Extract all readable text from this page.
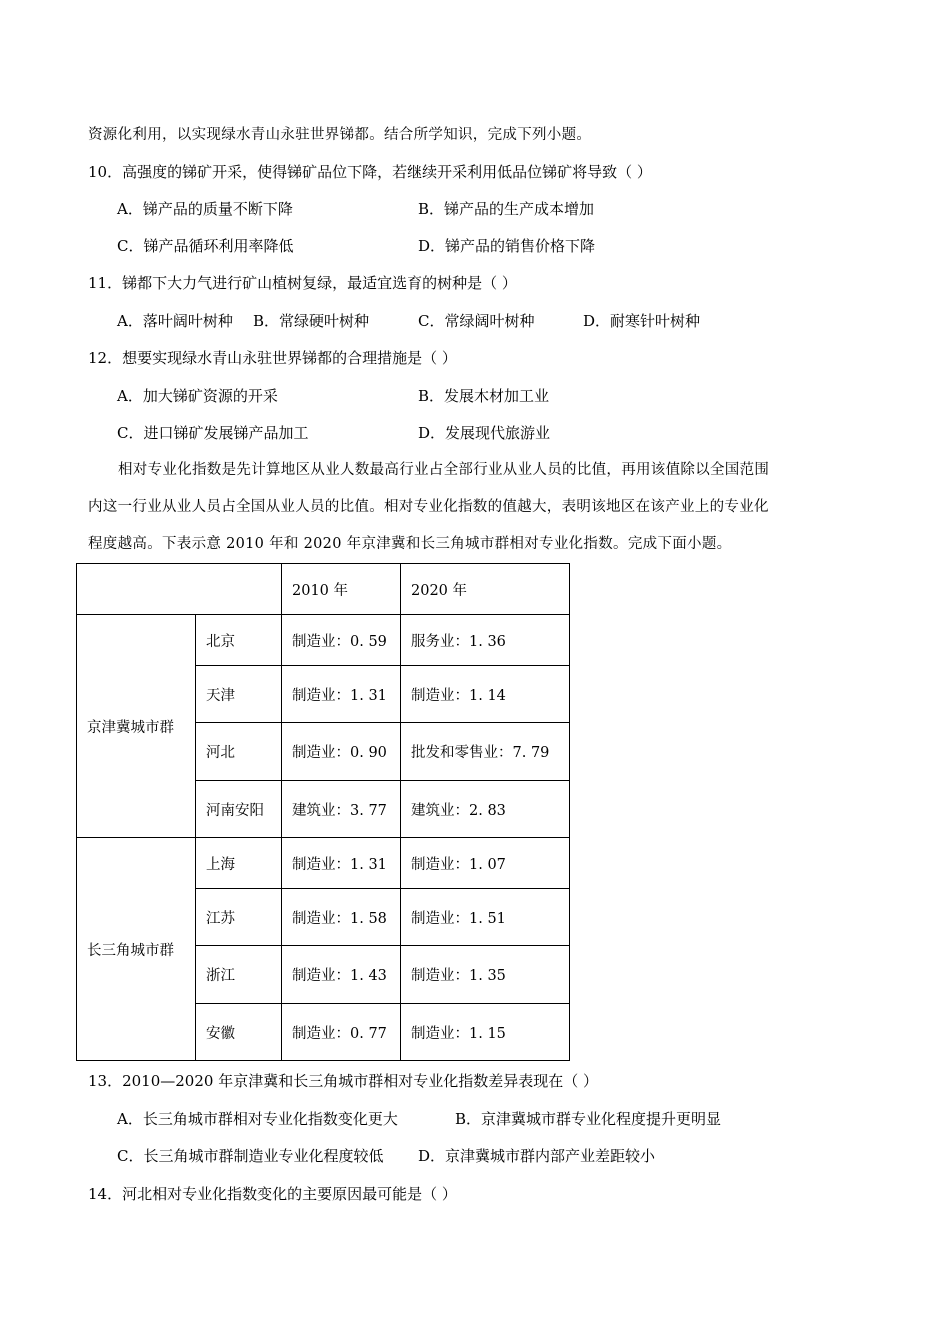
资源化利用，以实现绿水青山永驻世界锑都。结合所学知识，完成下列小题。
10．高强度的锑矿开采，使得锑矿品位下降，若继续开采利用低品位锑矿将导致（ ）
A．锑产品的质量不断下降	B．锑产品的生产成本增加
C．锑产品循环利用率降低	D．锑产品的销售价格下降
11．锑都下大力气进行矿山植树复绿，最适宜选育的树种是（ ）
A．落叶阔叶树种 B．常绿硬叶树种	C．常绿阔叶树种	D．耐寒针叶树种
12．想要实现绿水青山永驻世界锑都的合理措施是（ ）
A．加大锑矿资源的开采	B．发展木材加工业
C．进口锑矿发展锑产品加工	D．发展现代旅游业
相对专业化指数是先计算地区从业人数最高行业占全部行业从业人员的比值，再用该值除以全国范围
内这一行业从业人员占全国从业人员的比值。相对专业化指数的值越大，表明该地区在该产业上的专业化
程度越高。下表示意 2010 年和 2020 年京津冀和长三角城市群相对专业化指数。完成下面小题。
		2010 年	2020 年
京津冀城市群	北京	制造业：0. 59	服务业：1. 36
	天津	制造业：1. 31	制造业：1. 14
	河北	制造业：0. 90	批发和零售业：7. 79
	河南安阳	建筑业：3. 77	建筑业：2. 83
长三角城市群	上海	制造业：1. 31	制造业：1. 07
	江苏	制造业：1. 58	制造业：1. 51
	浙江	制造业：1. 43	制造业：1. 35
	安徽	制造业：0. 77	制造业：1. 15
13．2010—2020 年京津冀和长三角城市群相对专业化指数差异表现在（ ）
A．长三角城市群相对专业化指数变化更大	B．京津冀城市群专业化程度提升更明显
C．长三角城市群制造业专业化程度较低 D．京津冀城市群内部产业差距较小
14．河北相对专业化指数变化的主要原因最可能是（ ）
